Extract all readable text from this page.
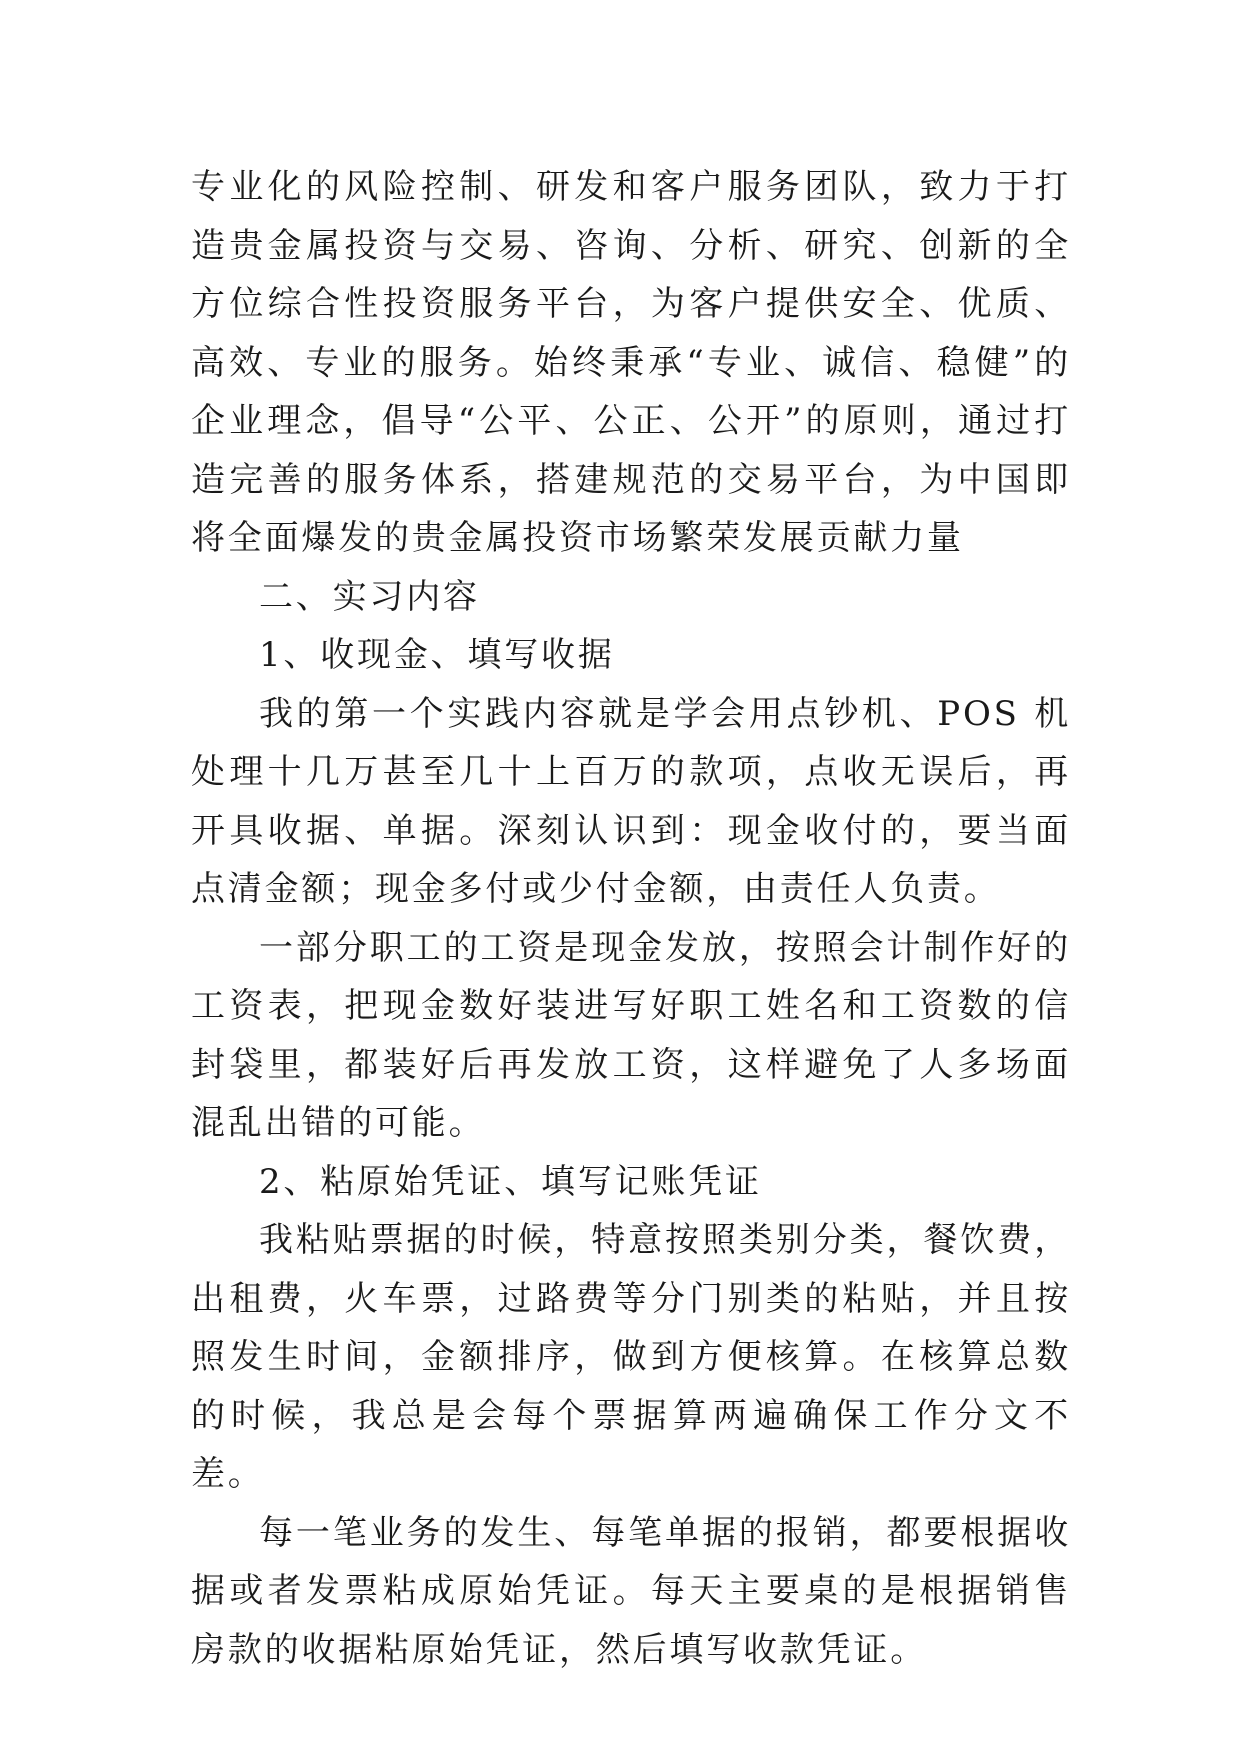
专业化的风险控制、研发和客户服务团队，致力于打造贵金属投资与交易、咨询、分析、研究、创新的全方位综合性投资服务平台，为客户提供安全、优质、高效、专业的服务。始终秉承“专业、诚信、稳健”的企业理念，倡导“公平、公正、公开”的原则，通过打造完善的服务体系，搭建规范的交易平台，为中国即将全面爆发的贵金属投资市场繁荣发展贡献力量

二、实习内容

1、收现金、填写收据

我的第一个实践内容就是学会用点钞机、POS 机处理十几万甚至几十上百万的款项，点收无误后，再开具收据、单据。深刻认识到：现金收付的，要当面点清金额；现金多付或少付金额，由责任人负责。

一部分职工的工资是现金发放，按照会计制作好的工资表，把现金数好装进写好职工姓名和工资数的信封袋里，都装好后再发放工资，这样避免了人多场面混乱出错的可能。

2、粘原始凭证、填写记账凭证

我粘贴票据的时候，特意按照类别分类，餐饮费，出租费，火车票，过路费等分门别类的粘贴，并且按照发生时间，金额排序，做到方便核算。在核算总数的时候，我总是会每个票据算两遍确保工作分文不差。

每一笔业务的发生、每笔单据的报销，都要根据收据或者发票粘成原始凭证。每天主要桌的是根据销售房款的收据粘原始凭证，然后填写收款凭证。
